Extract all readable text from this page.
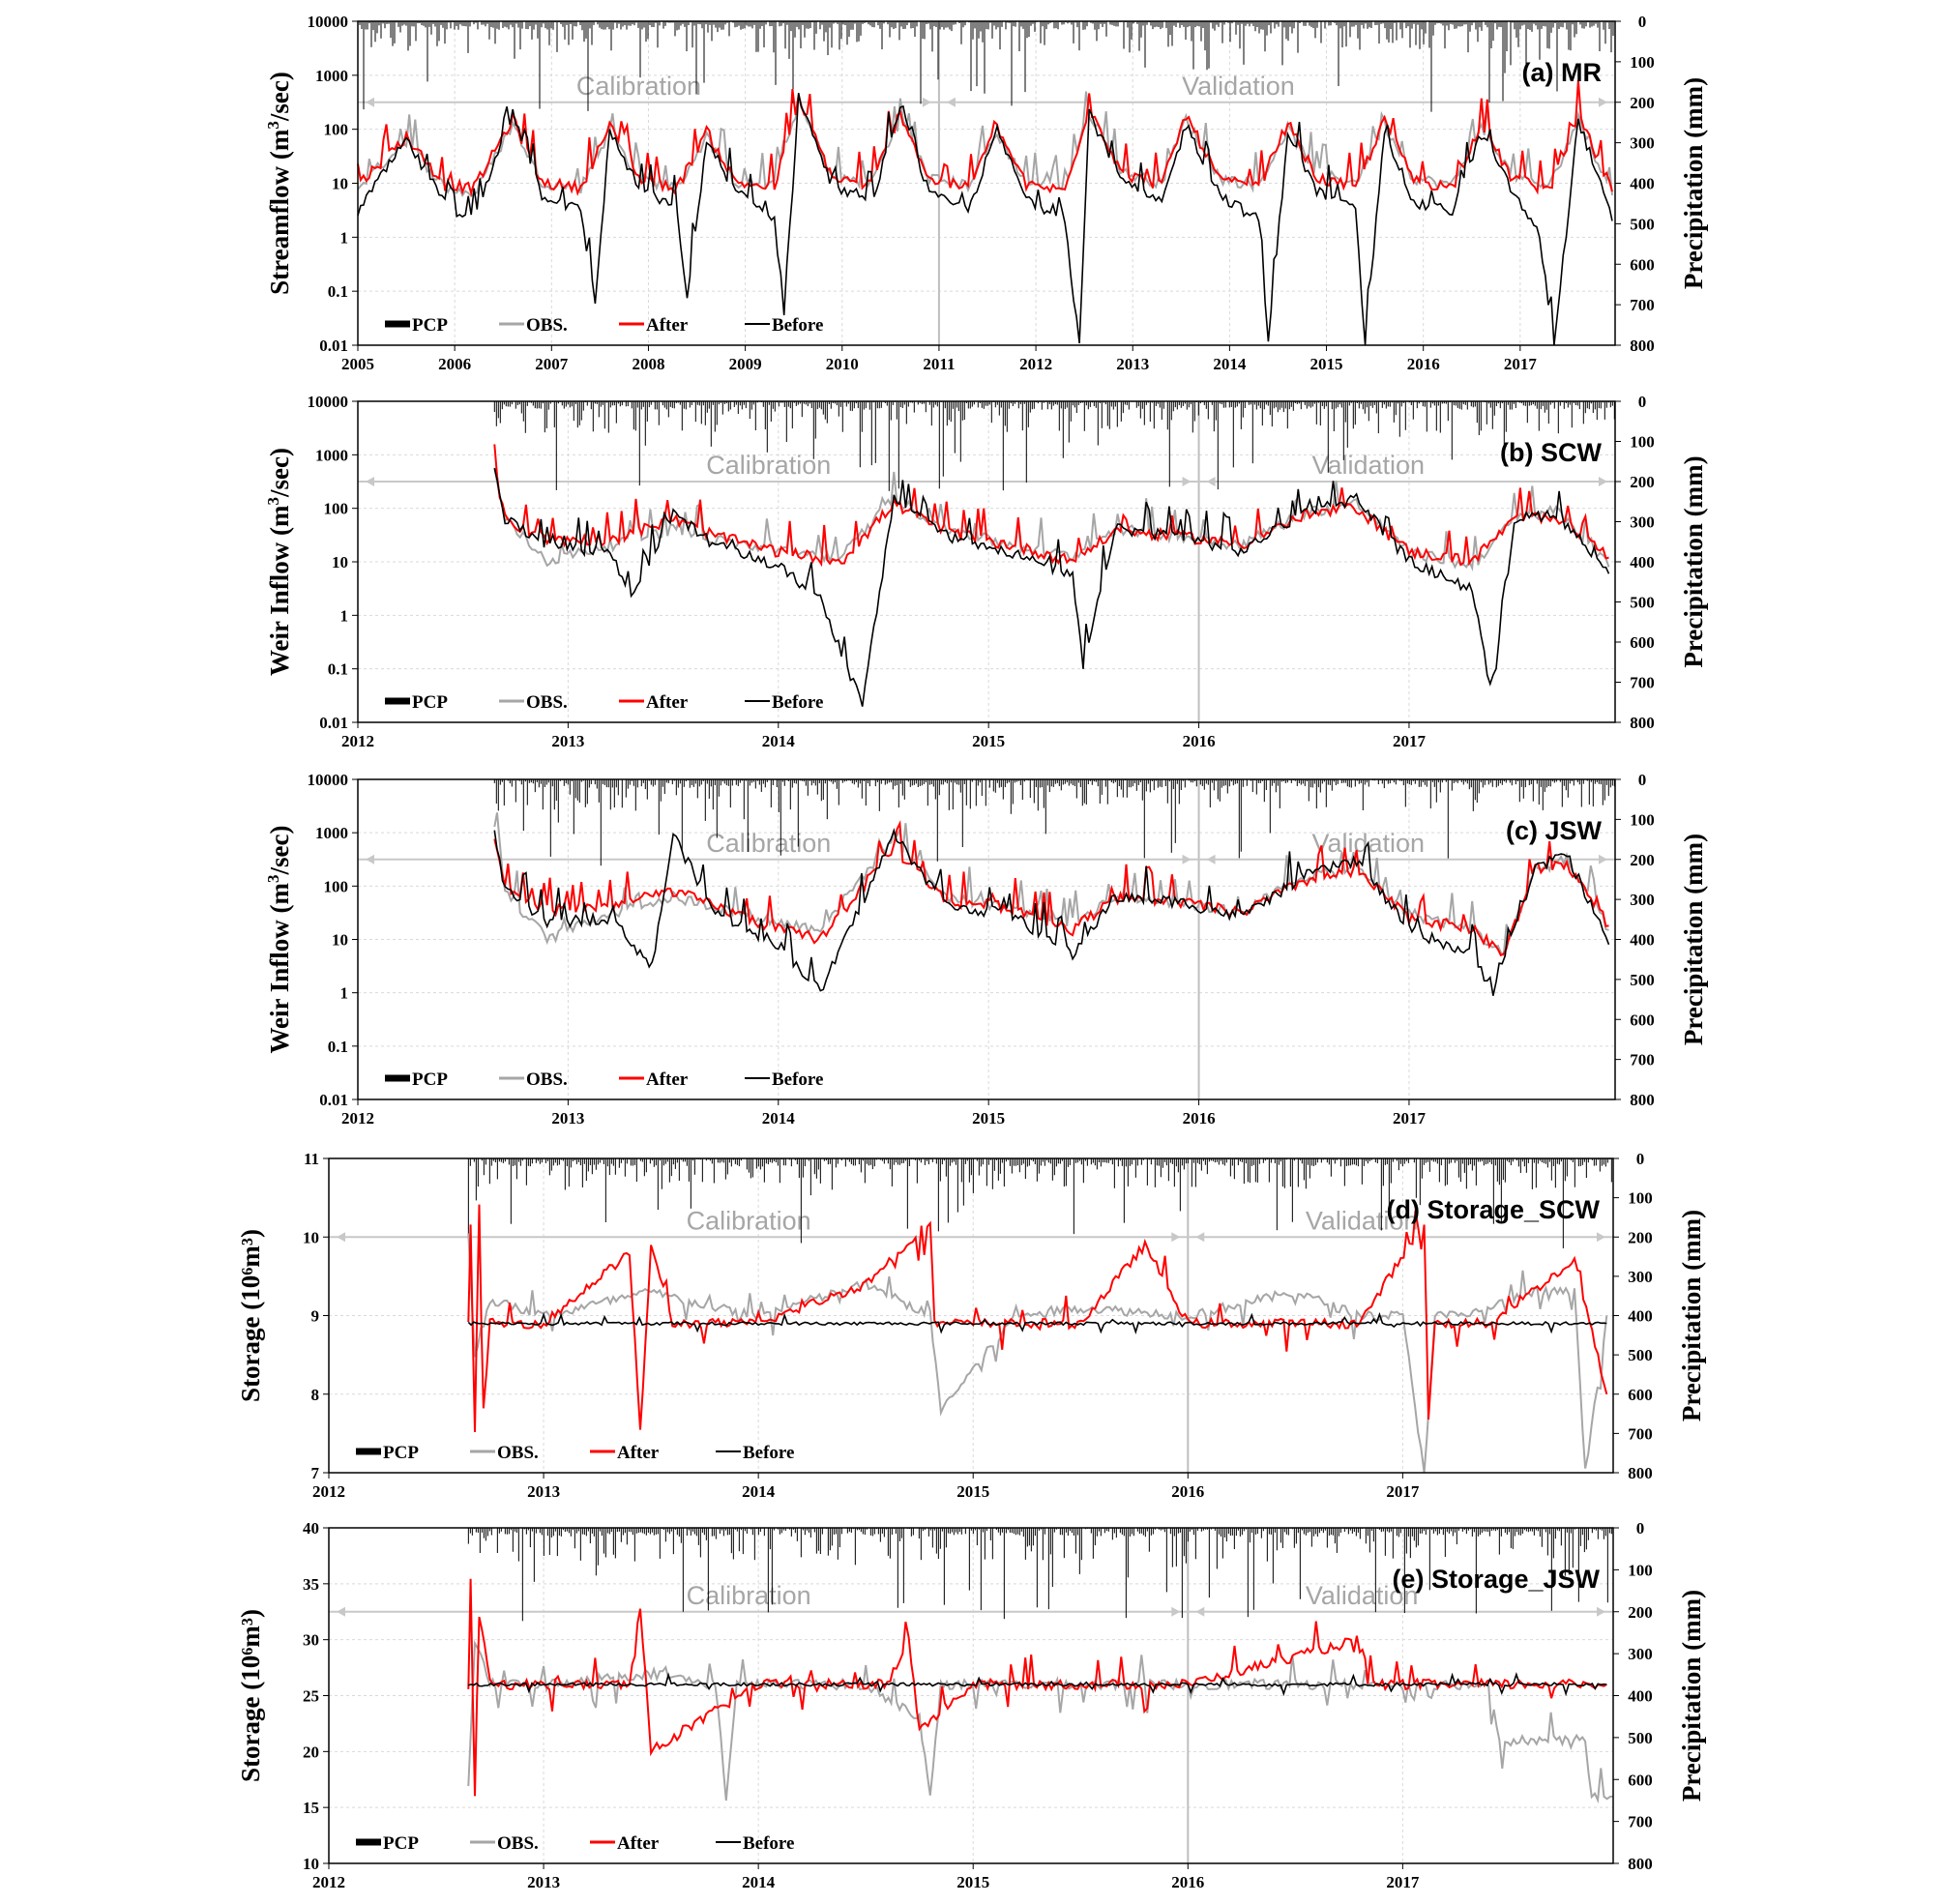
Calibration	Validation
10000
1000
100
10
1
0.1
0.01
0
100
200
300
400
500
600
700
800
2005	2006	2007	2008	2009	2010	2011	2012	2013	2014	2015	2016	2017
Streamflow $(m^3/\sec)$	Precipitation (mm)
(a) MR
PCP	OBS.	After	Before
Calibration	Validation
10000
1000
100
10
1
0.1
0.01
0
100
200
300
400
500
600
700
800
2012	2013	2014	2015	2016	2017
Weir Inflow $(m^3/\sec)$	Precipitation (mm)
(b) SCW
PCP	OBS.	After	Before
Calibration	Validation
10000
1000
100
10
1
0.1
0.01
0
100
200
300
400
500
600
700
800
2012	2013	2014	2015	2016	2017
Weir Inflow $(m^3/\sec)$	Precipitation (mm)
(c) JSW
PCP	OBS.	After	Before
Calibration	Validation
11
10
9
8
7
0
100
200
300
400
500
600
700
800
2012	2013	2014	2015	2016	2017
Storage (10⁶m³)	Precipitation (mm)
(d) Storage_SCW
PCP	OBS.	After	Before
Calibration	Validation
40
35
30
25
20
15
10
0
100
200
300
400
500
600
700
800
2012	2013	2014	2015	2016	2017
Storage (10⁶m³)	Precipitation (mm)
(e) Storage_JSW
PCP	OBS.	After	Before
